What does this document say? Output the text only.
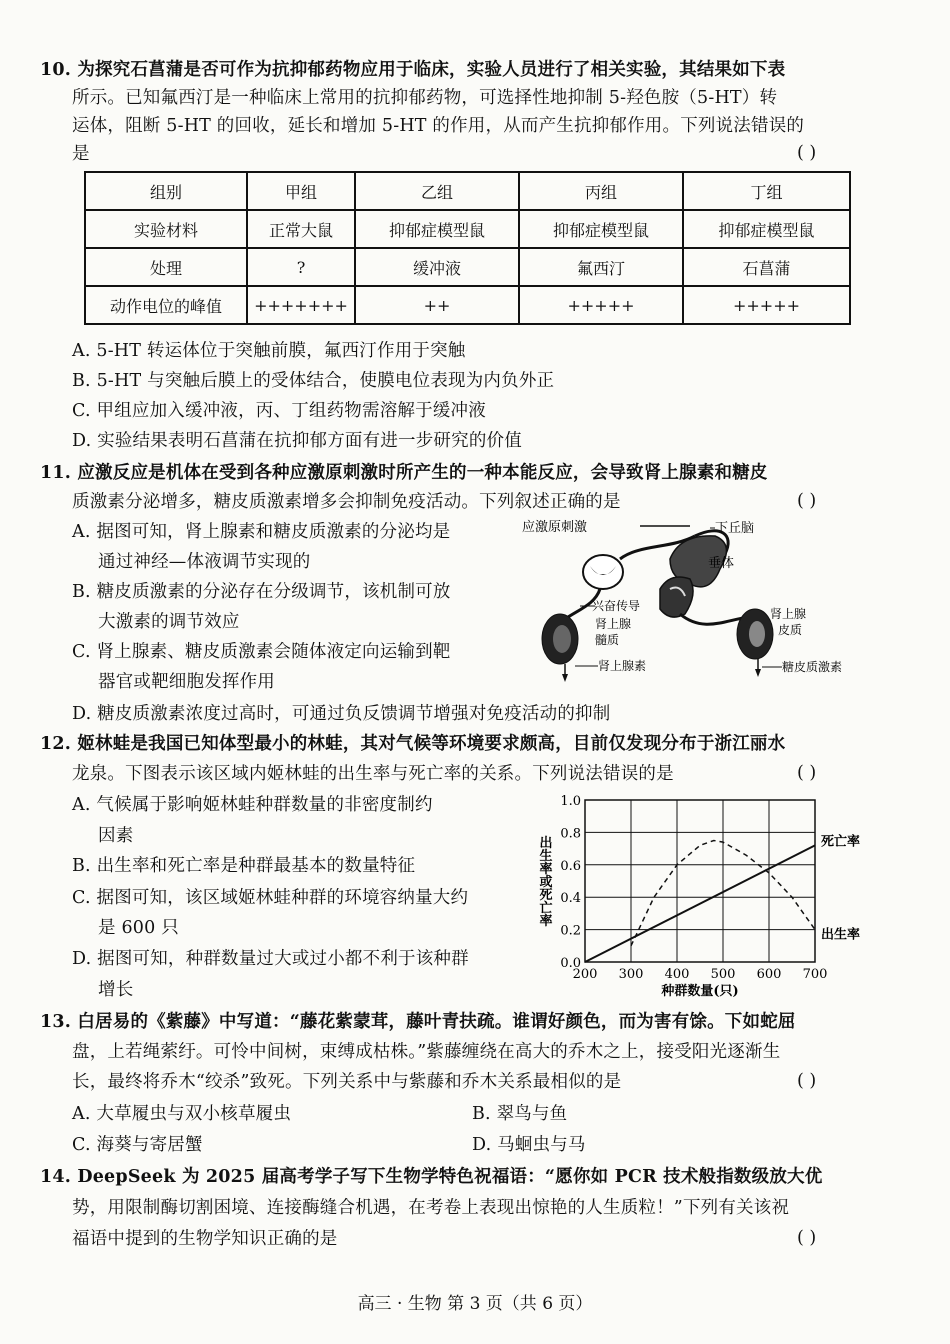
10. 为探究石菖蒲是否可作为抗抑郁药物应用于临床，实验人员进行了相关实验，其结果如下表
所示。已知氟西汀是一种临床上常用的抗抑郁药物，可选择性地抑制 5-羟色胺（5-HT）转
运体，阻断 5-HT 的回收，延长和增加 5-HT 的作用，从而产生抗抑郁作用。下列说法错误的
是	( )
组别	甲组	乙组	丙组	丁组
实验材料	正常大鼠	抑郁症模型鼠	抑郁症模型鼠	抑郁症模型鼠
处理	?	缓冲液	氟西汀	石菖蒲
动作电位的峰值	+++++++	++	+++++	+++++
A. 5-HT 转运体位于突触前膜，氟西汀作用于突触
B. 5-HT 与突触后膜上的受体结合，使膜电位表现为内负外正
C. 甲组应加入缓冲液，丙、丁组药物需溶解于缓冲液
D. 实验结果表明石菖蒲在抗抑郁方面有进一步研究的价值
11. 应激反应是机体在受到各种应激原刺激时所产生的一种本能反应，会导致肾上腺素和糖皮
质激素分泌增多，糖皮质激素增多会抑制免疫活动。下列叙述正确的是	( )
A. 据图可知，肾上腺素和糖皮质激素的分泌均是
通过神经—体液调节实现的
B. 糖皮质激素的分泌存在分级调节，该机制可放
大激素的调节效应
C. 肾上腺素、糖皮质激素会随体液定向运输到靶
器官或靶细胞发挥作用
D. 糖皮质激素浓度过高时，可通过负反馈调节增强对免疫活动的抑制
应激原刺激	下丘脑
垂体
兴奋传导
肾上腺
髓质
肾上腺素
肾上腺
皮质
糖皮质激素
12. 姬林蛙是我国已知体型最小的林蛙，其对气候等环境要求颇高，目前仅发现分布于浙江丽水
龙泉。下图表示该区域内姬林蛙的出生率与死亡率的关系。下列说法错误的是	( )
A. 气候属于影响姬林蛙种群数量的非密度制约
因素
B. 出生率和死亡率是种群最基本的数量特征
C. 据图可知，该区域姬林蛙种群的环境容纳量大约
是 600 只
D. 据图可知，种群数量过大或过小都不利于该种群
增长
200 300 400 500 600 700
0.0
0.2
0.4
0.6
0.8
1.0
种群数量(只)
出生率或死亡率	死亡率
出生率
13. 白居易的《紫藤》中写道：“藤花紫蒙茸，藤叶青扶疏。谁谓好颜色，而为害有馀。下如蛇屈
盘，上若绳萦纡。可怜中间树，束缚成枯株。”紫藤缠绕在高大的乔木之上，接受阳光逐渐生
长，最终将乔木“绞杀”致死。下列关系中与紫藤和乔木关系最相似的是	( )
A. 大草履虫与双小核草履虫	B. 翠鸟与鱼
C. 海葵与寄居蟹	D. 马蛔虫与马
14. DeepSeek 为 2025 届高考学子写下生物学特色祝福语：“愿你如 PCR 技术般指数级放大优
势，用限制酶切割困境、连接酶缝合机遇，在考卷上表现出惊艳的人生质粒！”下列有关该祝
福语中提到的生物学知识正确的是	( )
高三 · 生物 第 3 页（共 6 页）
